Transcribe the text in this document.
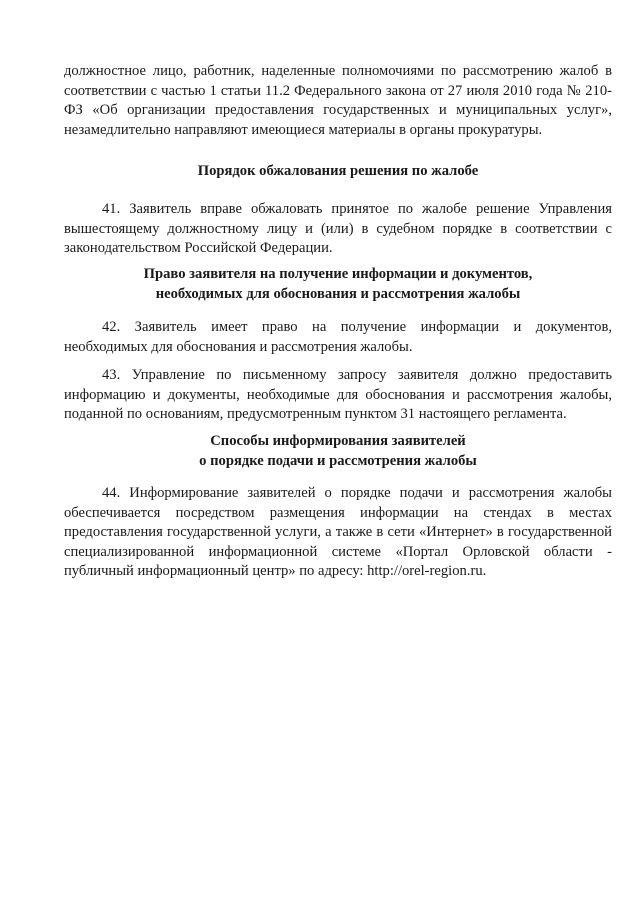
должностное лицо, работник, наделенные полномочиями по рассмотрению жалоб в соответствии с частью 1 статьи 11.2 Федерального закона от 27 июля 2010 года № 210-ФЗ «Об организации предоставления государственных и муниципальных услуг», незамедлительно направляют имеющиеся материалы в органы прокуратуры.

Порядок обжалования решения по жалобе

41. Заявитель вправе обжаловать принятое по жалобе решение Управления вышестоящему должностному лицу и (или) в судебном порядке в соответствии с законодательством Российской Федерации.

Право заявителя на получение информации и документов,
необходимых для обоснования и рассмотрения жалобы

42. Заявитель имеет право на получение информации и документов, необходимых для обоснования и рассмотрения жалобы.

43. Управление по письменному запросу заявителя должно предоставить информацию и документы, необходимые для обоснования и рассмотрения жалобы, поданной по основаниям, предусмотренным пунктом 31 настоящего регламента.

Способы информирования заявителей
о порядке подачи и рассмотрения жалобы

44. Информирование заявителей о порядке подачи и рассмотрения жалобы обеспечивается посредством размещения информации на стендах в местах предоставления государственной услуги, а также в сети «Интернет» в государственной специализированной информационной системе «Портал Орловской области - публичный информационный центр» по адресу: http://orel-region.ru.
